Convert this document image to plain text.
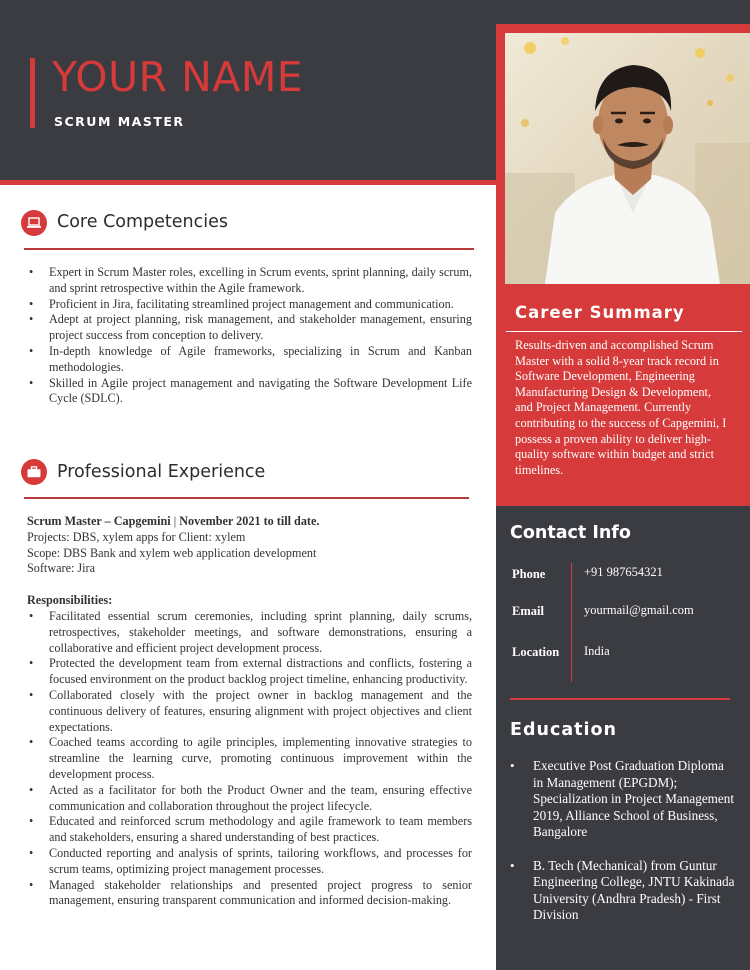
YOUR NAME
SCRUM MASTER
Career Summary
Results-driven and accomplished Scrum Master with a solid 8-year track record in Software Development, Engineering Manufacturing Design & Development, and Project Management. Currently contributing to the success of Capgemini, I possess a proven ability to deliver high-quality software within budget and strict timelines.
Contact Info
Phone	+91 987654321
Email	yourmail@gmail.com
Location India
Education
• Executive Post Graduation Diploma in Management (EPGDM); Specialization in Project Management 2019, Alliance School of Business, Bangalore
• B. Tech (Mechanical) from Guntur Engineering College, JNTU Kakinada University (Andhra Pradesh) - First Division
Core Competencies
• Expert in Scrum Master roles, excelling in Scrum events, sprint planning, daily scrum, and sprint retrospective within the Agile framework.
• Proficient in Jira, facilitating streamlined project management and communication.
• Adept at project planning, risk management, and stakeholder management, ensuring project success from conception to delivery.
• In-depth knowledge of Agile frameworks, specializing in Scrum and Kanban methodologies.
• Skilled in Agile project management and navigating the Software Development Life Cycle (SDLC).
Professional Experience
Scrum Master – Capgemini | November 2021 to till date.
Projects: DBS, xylem apps for Client: xylem
Scope: DBS Bank and xylem web application development
Software: Jira
Responsibilities:
• Facilitated essential scrum ceremonies, including sprint planning, daily scrums, retrospectives, stakeholder meetings, and software demonstrations, ensuring a collaborative and efficient project development process.
• Protected the development team from external distractions and conflicts, fostering a focused environment on the product backlog project timeline, enhancing productivity.
• Collaborated closely with the project owner in backlog management and the continuous delivery of features, ensuring alignment with project objectives and client expectations.
• Coached teams according to agile principles, implementing innovative strategies to streamline the learning curve, promoting continuous improvement within the development process.
• Acted as a facilitator for both the Product Owner and the team, ensuring effective communication and collaboration throughout the project lifecycle.
• Educated and reinforced scrum methodology and agile framework to team members and stakeholders, ensuring a shared understanding of best practices.
• Conducted reporting and analysis of sprints, tailoring workflows, and processes for scrum teams, optimizing project management processes.
• Managed stakeholder relationships and presented project progress to senior management, ensuring transparent communication and informed decision-making.
